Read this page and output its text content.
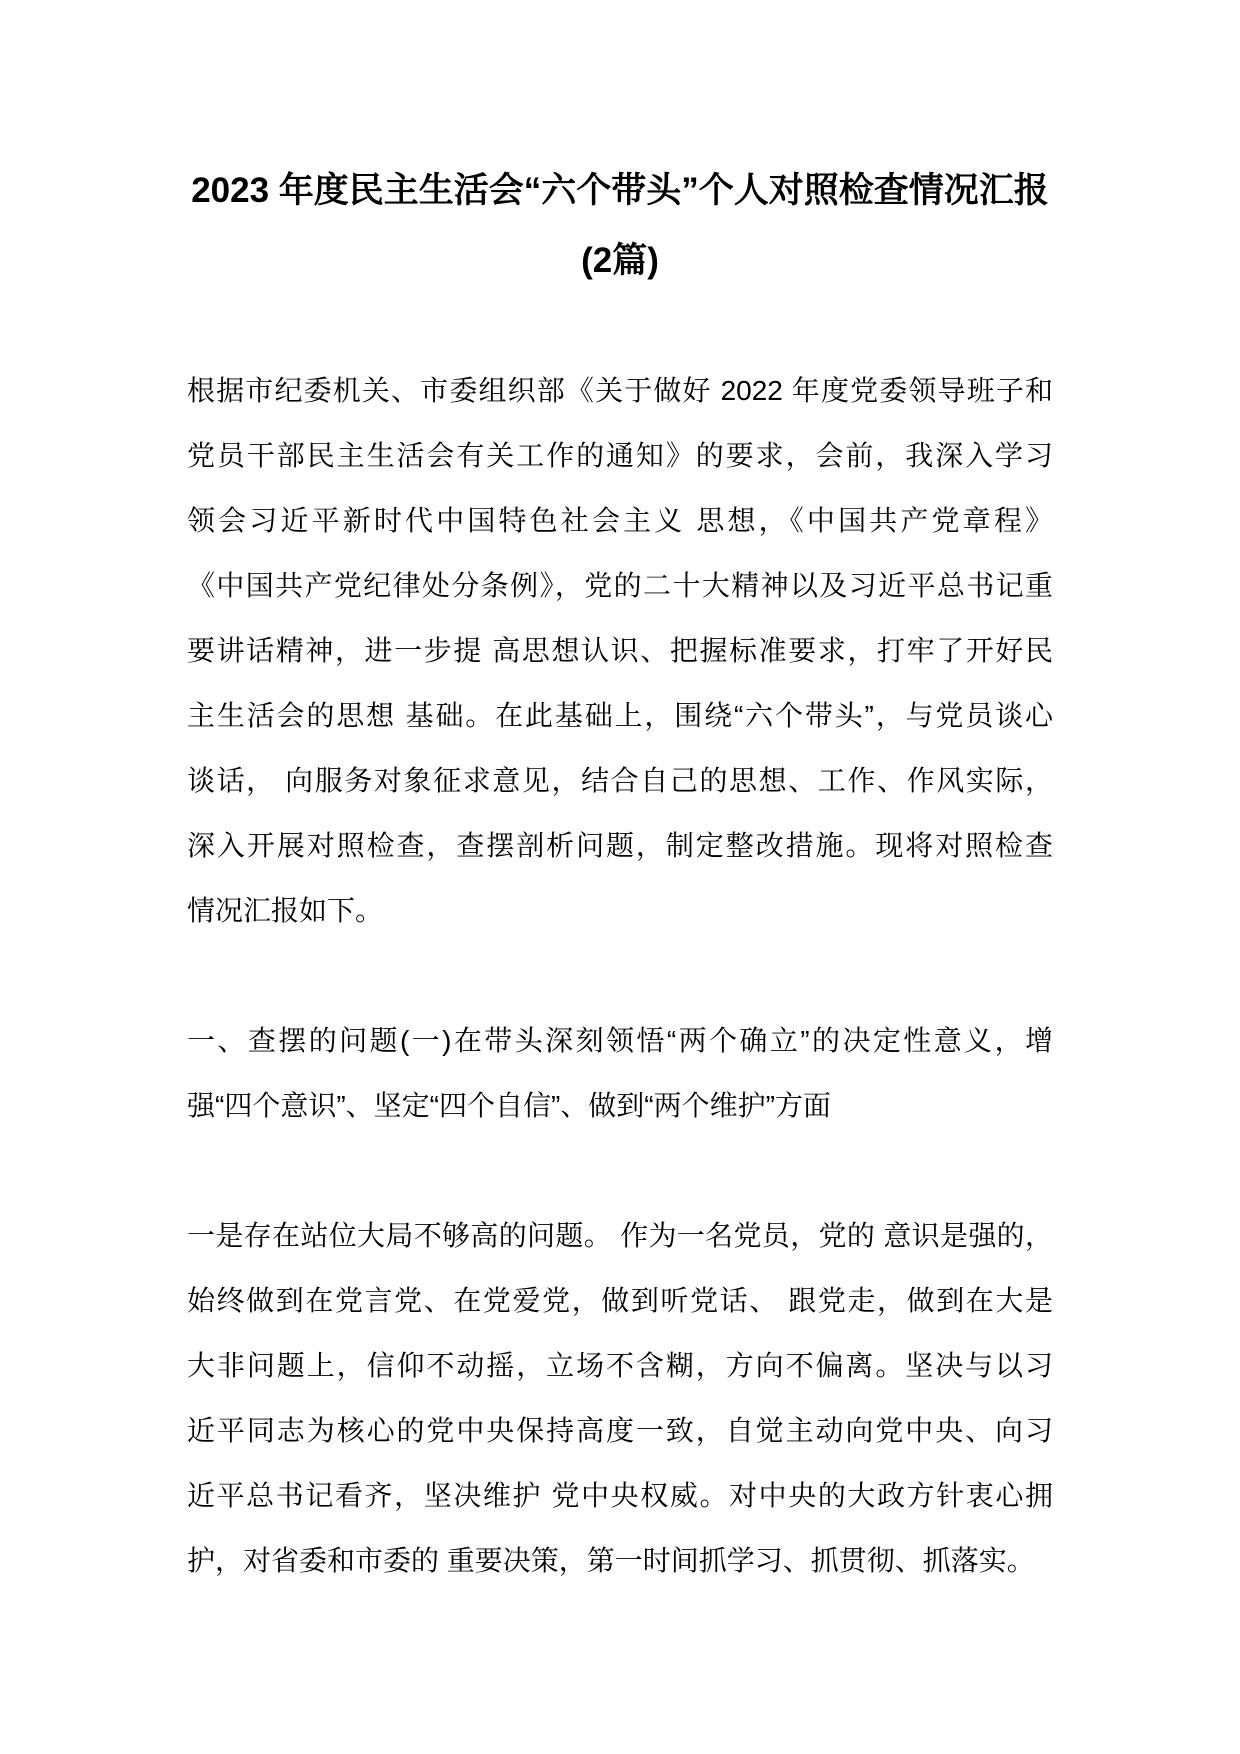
2023 年度民主生活会“六个带头”个人对照检查情况汇报
(2篇)
根据市纪委机关、市委组织部《关于做好 2022 年度党委领导班子和
党员干部民主生活会有关工作的通知》的要求，会前，我深入学习
领会习近平新时代中国特色社会主义 思想，《中国共产党章程》
《中国共产党纪律处分条例》，党的二十大精神以及习近平总书记重
要讲话精神，进一步提 高思想认识、把握标准要求，打牢了开好民
主生活会的思想 基础。在此基础上，围绕“六个带头”，与党员谈心
谈话， 向服务对象征求意见，结合自己的思想、工作、作风实际，
深入开展对照检查，查摆剖析问题，制定整改措施。现将对照检查
情况汇报如下。
一、查摆的问题(一)在带头深刻领悟“两个确立”的决定性意义，增
强“四个意识”、坚定“四个自信”、做到“两个维护”方面
一是存在站位大局不够高的问题。 作为一名党员，党的 意识是强的，
始终做到在党言党、在党爱党，做到听党话、 跟党走，做到在大是
大非问题上，信仰不动摇，立场不含糊，方向不偏离。坚决与以习
近平同志为核心的党中央保持高度一致，自觉主动向党中央、向习
近平总书记看齐，坚决维护 党中央权威。对中央的大政方针衷心拥
护，对省委和市委的 重要决策，第一时间抓学习、抓贯彻、抓落实。
